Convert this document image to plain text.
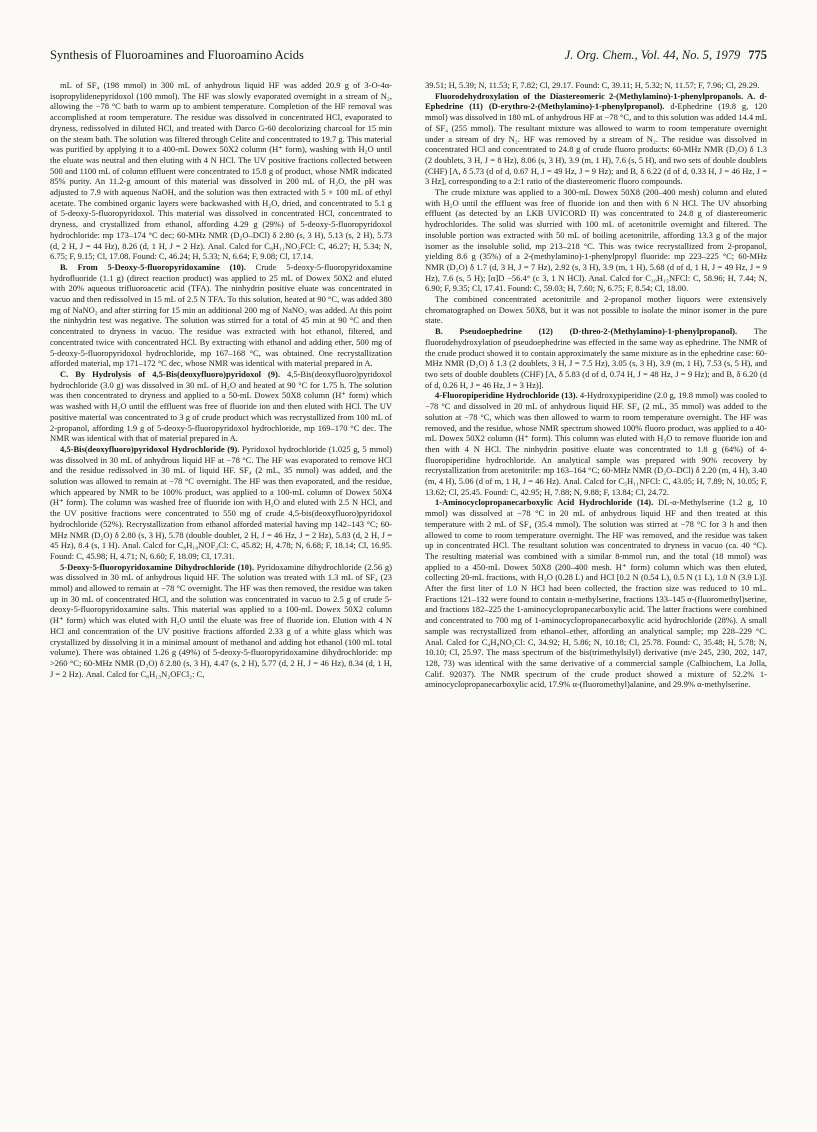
Synthesis of Fluoroamines and Fluoroamino Acids	J. Org. Chem., Vol. 44, No. 5, 1979 775

mL of SF₄ (198 mmol) in 300 mL of anhydrous liquid HF was added 20.9 g of 3-O-4α-isopropylidenepyridoxol (100 mmol). The HF was slowly evaporated overnight in a stream of N₂, allowing the −78 °C bath to warm up to ambient temperature. Completion of the HF removal was accomplished at room temperature. The residue was dissolved in concentrated HCl, evaporated to dryness, redissolved in diluted HCl, and treated with Darco G-60 decolorizing charcoal for 15 min on the steam bath. The solution was filtered through Celite and concentrated to 19.7 g. This material was purified by applying it to a 400-mL Dowex 50X2 column (H⁺ form), washing with H₂O until the eluate was neutral and then eluting with 4 N HCl. The UV positive fractions collected between 500 and 1100 mL of column effluent were concentrated to 15.8 g of product, whose NMR indicated 85% purity. An 11.2-g amount of this material was dissolved in 200 mL of H₂O, the pH was adjusted to 7.9 with aqueous NaOH, and the solution was then extracted with 5 × 100 mL of ethyl acetate. The combined organic layers were backwashed with H₂O, dried, and concentrated to 5.1 g of 5-deoxy-5-fluoropyridoxol. This material was dissolved in concentrated HCl, concentrated to dryness, and crystallized from ethanol, affording 4.29 g (29%) of 5-deoxy-5-fluoropyridoxol hydrochloride: mp 173–174 °C dec; 60-MHz NMR (D₂O–DCl) δ 2.80 (s, 3 H), 5.13 (s, 2 H), 5.73 (d, 2 H, J = 44 Hz), 8.26 (d, 1 H, J = 2 Hz). Anal. Calcd for C₈H₁₁NO₂FCl: C, 46.27; H, 5.34; N, 6.75; F, 9.15; Cl, 17.08. Found: C, 46.24; H, 5.33; N, 6.64; F, 9.08; Cl, 17.14.

B. From 5-Deoxy-5-fluoropyridoxamine (10). Crude 5-deoxy-5-fluoropyridoxamine hydrofluoride (1.1 g) (direct reaction product) was applied to 25 mL of Dowex 50X2 and eluted with 20% aqueous trifluoroacetic acid (TFA). The ninhydrin positive eluate was concentrated in vacuo and then redissolved in 15 mL of 2.5 N TFA. To this solution, heated at 90 °C, was added 380 mg of NaNO₂ and after stirring for 15 min an additional 200 mg of NaNO₂ was added. At this point the ninhydrin test was negative. The solution was stirred for a total of 45 min at 90 °C and then concentrated to dryness in vacuo. The residue was extracted with hot ethanol, filtered, and concentrated twice with concentrated HCl. By extracting with ethanol and adding ether, 500 mg of 5-deoxy-5-fluoropyridoxol hydrochloride, mp 167–168 °C, was obtained. One recrystallization afforded material, mp 171–172 °C dec, whose NMR was identical with material prepared in A.

C. By Hydrolysis of 4,5-Bis(deoxyfluoro)pyridoxol (9). 4,5-Bis(deoxyfluoro)pyridoxol hydrochloride (3.0 g) was dissolved in 30 mL of H₂O and heated at 90 °C for 1.75 h. The solution was then concentrated to dryness and applied to a 50-mL Dowex 50X8 column (H⁺ form) which was washed with H₂O until the effluent was free of fluoride ion and then eluted with HCl. The UV positive material was concentrated to 3 g of crude product which was recrystallized from 100 mL of 2-propanol, affording 1.9 g of 5-deoxy-5-fluoropyridoxol hydrochloride, mp 169–170 °C dec. The NMR was identical with that of material prepared in A.

4,5-Bis(deoxyfluoro)pyridoxol Hydrochloride (9). Pyridoxol hydrochloride (1.025 g, 5 mmol) was dissolved in 30 mL of anhydrous liquid HF at −78 °C. The HF was evaporated to remove HCl and the residue redissolved in 30 mL of liquid HF. SF₄ (2 mL, 35 mmol) was added, and the solution was allowed to remain at −78 °C overnight. The HF was then evaporated, and the residue, which appeared by NMR to be 100% product, was applied to a 100-mL column of Dowex 50X4 (H⁺ form). The column was washed free of fluoride ion with H₂O and eluted with 2.5 N HCl, and the UV positive fractions were concentrated to 550 mg of crude 4,5-bis(deoxyfluoro)pyridoxol hydrochloride (52%). Recrystallization from ethanol afforded material having mp 142–143 °C; 60-MHz NMR (D₂O) δ 2.80 (s, 3 H), 5.78 (double doublet, 2 H, J = 46 Hz, J = 2 Hz), 5.83 (d, 2 H, J = 45 Hz), 8.4 (s, 1 H). Anal. Calcd for C₈H₁₀NOF₂Cl: C, 45.82; H, 4.78; N, 6.68; F, 18.14; Cl, 16.95. Found: C, 45.98; H, 4.71; N, 6.60; F, 18.09; Cl, 17.31.

5-Deoxy-5-fluoropyridoxamine Dihydrochloride (10). Pyridoxamine dihydrochloride (2.56 g) was dissolved in 30 mL of anhydrous liquid HF. The solution was treated with 1.3 mL of SF₄ (23 mmol) and allowed to remain at −78 °C overnight. The HF was then removed, the residue was taken up in 30 mL of concentrated HCl, and the solution was concentrated in vacuo to 2.5 g of crude 5-deoxy-5-fluoropyridoxamine salts. This material was applied to a 100-mL Dowex 50X2 column (H⁺ form) which was eluted with H₂O until the eluate was free of fluoride ion. Elution with 4 N HCl and concentration of the UV positive fractions afforded 2.33 g of a white glass which was crystallized by dissolving it in a minimal amount of methanol and adding hot ethanol (100 mL total volume). There was obtained 1.26 g (49%) of 5-deoxy-5-fluoropyridoxamine dihydrochloride: mp >260 °C; 60-MHz NMR (D₂O) δ 2.80 (s, 3 H), 4.47 (s, 2 H), 5.77 (d, 2 H, J = 46 Hz), 8.34 (d, 1 H, J = 2 Hz). Anal. Calcd for C₈H₁₃N₂OFCl₂: C,

39.51; H, 5.39; N, 11.53; F, 7.82; Cl, 29.17. Found: C, 39.11; H, 5.32; N, 11.57; F, 7.96; Cl, 29.29.

Fluorodehydroxylation of the Diastereomeric 2-(Methylamino)-1-phenylpropanols. A. d-Ephedrine (11) (D-erythro-2-(Methylamino)-1-phenylpropanol). d-Ephedrine (19.8 g, 120 mmol) was dissolved in 180 mL of anhydrous HF at −78 °C, and to this solution was added 14.4 mL of SF₄ (255 mmol). The resultant mixture was allowed to warm to room temperature overnight under a stream of dry N₂. HF was removed by a stream of N₂. The residue was dissolved in concentrated HCl and concentrated to 24.8 g of crude fluoro products: 60-MHz NMR (D₂O) δ 1.3 (2 doublets, 3 H, J = 8 Hz), 8.06 (s, 3 H), 3.9 (m, 1 H), 7.6 (s, 5 H), and two sets of double doublets (CHF) [A, δ 5.73 (d of d, 0.67 H, J = 49 Hz, J = 9 Hz); and B, δ 6.22 (d of d, 0.33 H, J = 46 Hz, J = 3 Hz], corresponding to a 2:1 ratio of the diastereomeric fluoro compounds.

The crude mixture was applied to a 300-mL Dowex 50X8 (200–400 mesh) column and eluted with H₂O until the effluent was free of fluoride ion and then with 6 N HCl. The UV absorbing effluent (as detected by an LKB UVICORD II) was concentrated to 24.8 g of diastereomeric hydrochlorides. The solid was slurried with 100 mL of acetonitrile overnight and filtered. The insoluble portion was extracted with 50 mL of boiling acetonitrile, affording 13.3 g of the major isomer as the insoluble solid, mp 213–218 °C. This was twice recrystallized from 2-propanol, yielding 8.6 g (35%) of a 2-(methylamino)-1-phenylpropyl fluoride: mp 223–225 °C; 60-MHz NMR (D₂O) δ 1.7 (d, 3 H, J = 7 Hz), 2.92 (s, 3 H), 3.9 (m, 1 H), 5.68 (d of d, 1 H, J = 49 Hz, J = 9 Hz), 7.6 (s, 5 H); [α]D −56.4° (c 3, 1 N HCl). Anal. Calcd for C₁₀H₁₅NFCl: C, 58.96; H, 7.44; N, 6.90; F, 9.35; Cl, 17.41. Found: C, 59.03; H, 7.60; N, 6.75; F, 8.54; Cl, 18.00.

The combined concentrated acetonitrile and 2-propanol mother liquors were extensively chromatographed on Dowex 50X8, but it was not possible to isolate the minor isomer in the pure state.

B. Pseudoephedrine (12) (D-threo-2-(Methylamino)-1-phenylpropanol). The fluorodehydroxylation of pseudoephedrine was effected in the same way as ephedrine. The NMR of the crude product showed it to contain approximately the same mixture as in the ephedrine case: 60-MHz NMR (D₂O) δ 1.3 (2 doublets, 3 H, J = 7.5 Hz), 3.05 (s, 3 H), 3.9 (m, 1 H), 7.53 (s, 5 H), and two sets of double doublets (CHF) [A, δ 5.83 (d of d, 0.74 H, J = 48 Hz, J = 9 Hz); and B, δ 6.20 (d of d, 0.26 H, J = 46 Hz, J = 3 Hz)].

4-Fluoropiperidine Hydrochloride (13). 4-Hydroxypiperidine (2.0 g, 19.8 mmol) was cooled to −78 °C and dissolved in 20 mL of anhydrous liquid HF. SF₄ (2 mL, 35 mmol) was added to the solution at −78 °C, which was then allowed to warm to room temperature overnight. The HF was removed, and the residue, whose NMR spectrum showed 100% fluoro product, was applied to a 40-mL Dowex 50X2 column (H⁺ form). This column was eluted with H₂O to remove fluoride ion and then with 4 N HCl. The ninhydrin positive eluate was concentrated to 1.8 g (64%) of 4-fluoropiperidine hydrochloride. An analytical sample was prepared with 90% recovery by recrystallization from acetonitrile: mp 163–164 °C; 60-MHz NMR (D₂O–DCl) δ 2.20 (m, 4 H), 3.40 (m, 4 H), 5.06 (d of m, 1 H, J = 46 Hz). Anal. Calcd for C₅H₁₁NFCl: C, 43.05; H, 7.89; N, 10.05; F, 13.62; Cl, 25.45. Found: C, 42.95; H, 7.88; N, 9.88; F, 13.84; Cl, 24.72.

1-Aminocyclopropanecarboxylic Acid Hydrochloride (14). DL-α-Methylserine (1.2 g, 10 mmol) was dissolved at −78 °C in 20 mL of anhydrous liquid HF and then treated at this temperature with 2 mL of SF₄ (35.4 mmol). The solution was stirred at −78 °C for 3 h and then allowed to come to room temperature overnight. The HF was removed, and the residue was taken up in concentrated HCl. The resultant solution was concentrated to dryness in vacuo (ca. 40 °C). The resulting material was combined with a similar 8-mmol run, and the total (18 mmol) was applied to a 450-mL Dowex 50X8 (200–400 mesh. H⁺ form) column which was then eluted, collecting 20-mL fractions, with H₂O (0.28 L) and HCl [0.2 N (0.54 L), 0.5 N (1 L), 1.0 N (3.9 L)]. After the first liter of 1.0 N HCl had been collected, the fraction size was reduced to 10 mL. Fractions 121–132 were found to contain α-methylserine, fractions 133–145 α-(fluoromethyl)serine, and fractions 182–225 the 1-aminocyclopropanecarboxylic acid. The latter fractions were combined and concentrated to 700 mg of 1-aminocyclopropanecarboxylic acid hydrochloride (28%). A small sample was recrystallized from ethanol–ether, affording an analytical sample; mp 228–229 °C. Anal. Calcd for C₄H₈NO₂Cl: C, 34.92; H, 5.86; N, 10.18; Cl, 25.78. Found: C, 35.48; H, 5.78; N, 10.10; Cl, 25.97. The mass spectrum of the bis(trimethylsilyl) derivative (m/e 245, 230, 202, 147, 128, 73) was identical with the same derivative of a commercial sample (Calbiochem, La Jolla, Calif. 92037). The NMR spectrum of the crude product showed a mixture of 52.2% 1-aminocyclopropanecarboxylic acid, 17.9% α-(fluoromethyl)alanine, and 29.9% α-methylserine.
